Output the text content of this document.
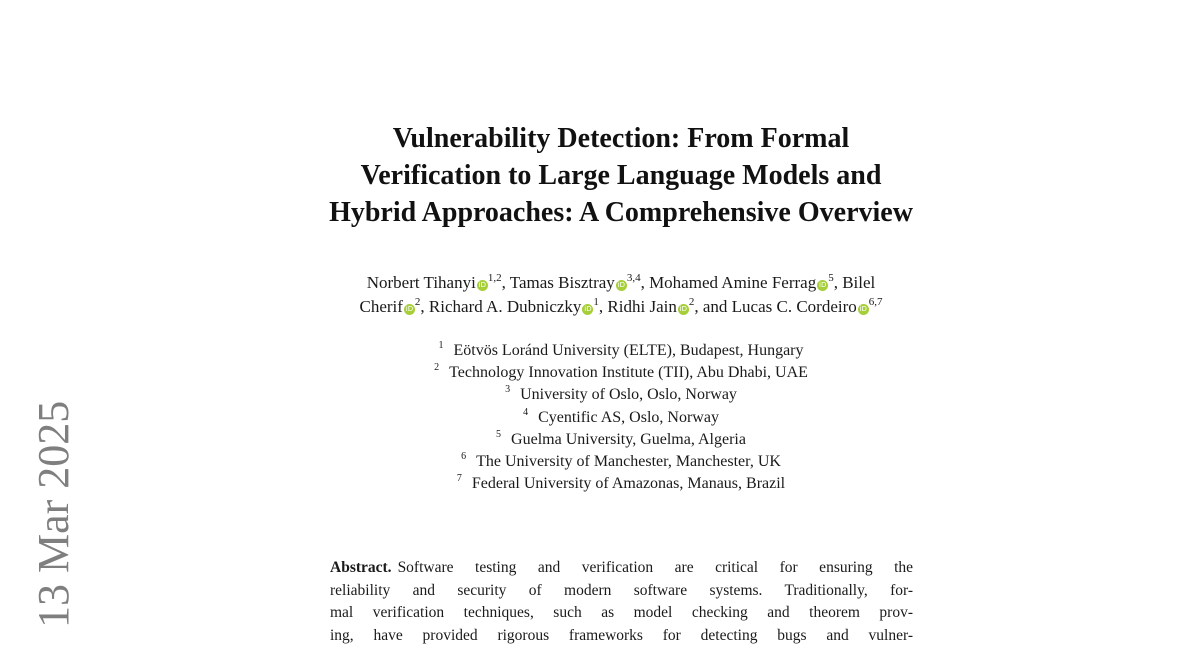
13 Mar 2025
Vulnerability Detection: From Formal
Verification to Large Language Models and
Hybrid Approaches: A Comprehensive Overview
Norbert Tihanyi iD$^{1,2}$, Tamas Bisztray iD$^{3,4}$, Mohamed Amine Ferrag $iD^5$, Bilel
Cherif $iD^2$, Richard A. Dubniczky $iD^1$, Ridhi Jain $iD^2$, and Lucas C. Cordeiro iD$^{6,7}$
$^1$ Eötvös Loránd University (ELTE), Budapest, Hungary
$^2$ Technology Innovation Institute (TII), Abu Dhabi, UAE
$^3$ University of Oslo, Oslo, Norway
$^4$ Cyentific AS, Oslo, Norway
$^5$ Guelma University, Guelma, Algeria
$^6$ The University of Manchester, Manchester, UK
$^7$ Federal University of Amazonas, Manaus, Brazil
Abstract. Software testing and verification are critical for ensuring the
reliability and security of modern software systems. Traditionally, for-
mal verification techniques, such as model checking and theorem prov-
ing, have provided rigorous frameworks for detecting bugs and vulner-
